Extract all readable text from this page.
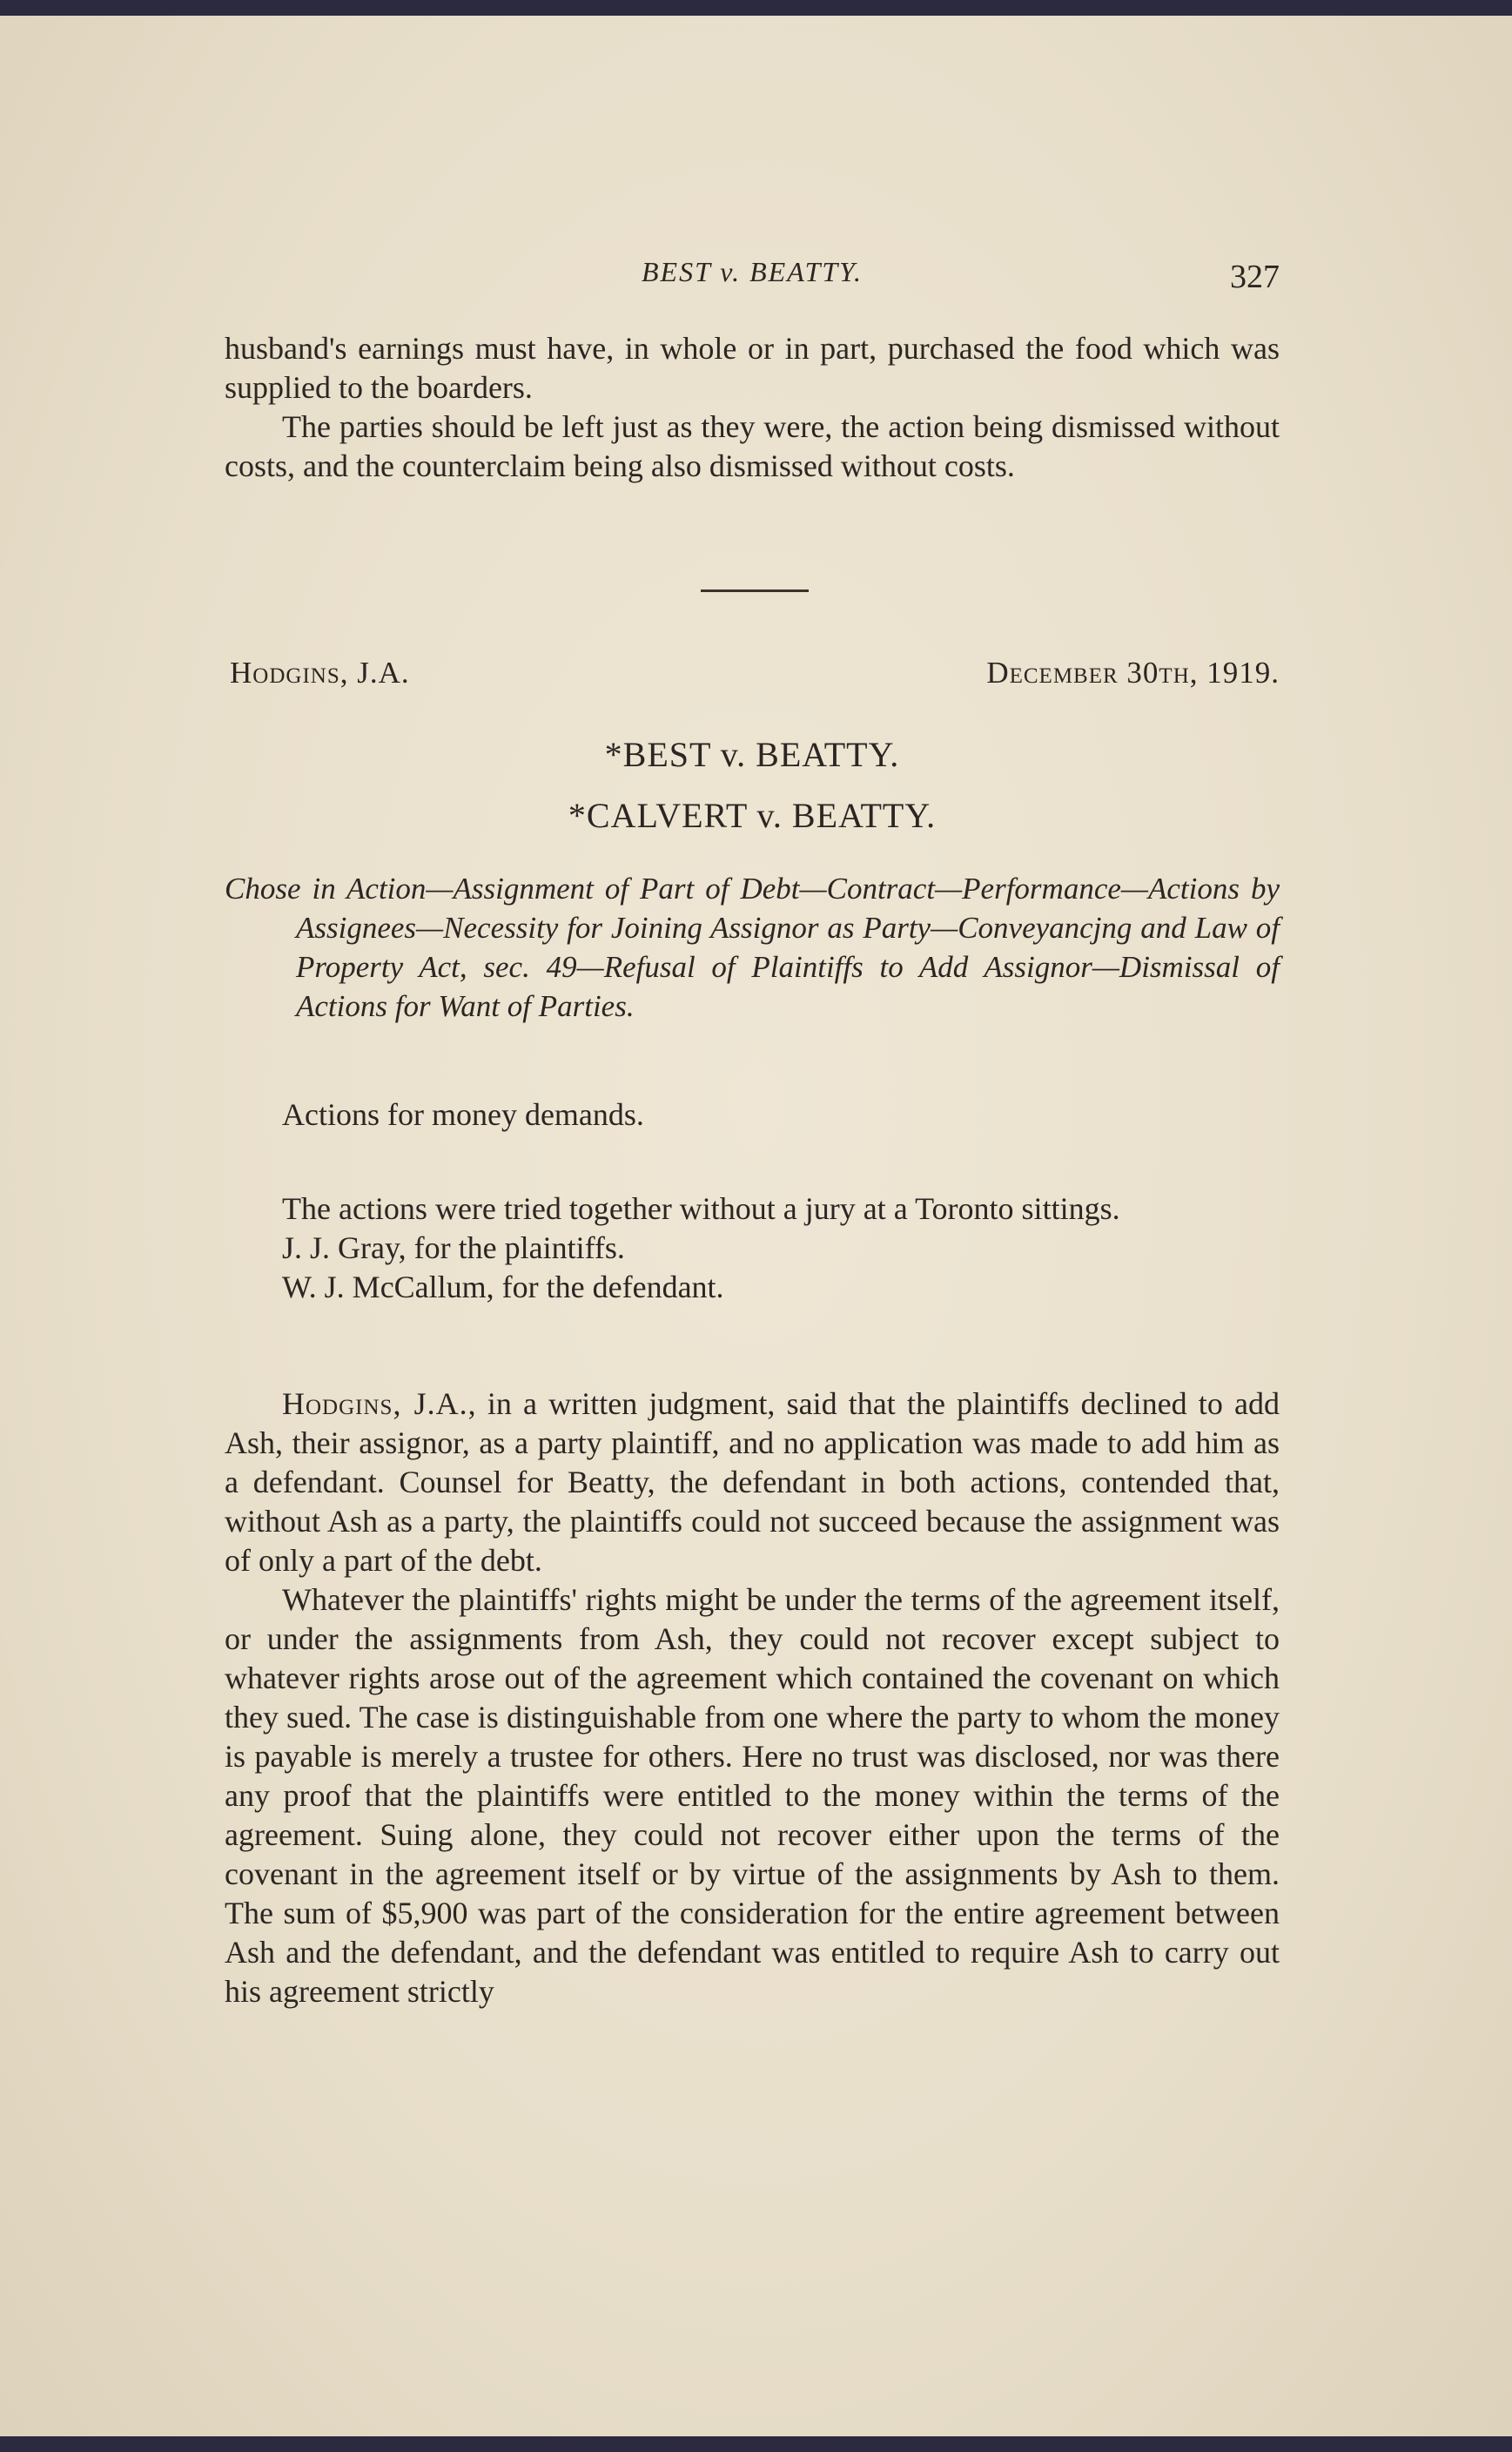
BEST v. BEATTY.	327

husband's earnings must have, in whole or in part, purchased the food which was supplied to the boarders.

The parties should be left just as they were, the action being dismissed without costs, and the counterclaim being also dismissed without costs.

Hodgins, J.A.	December 30th, 1919.
*BEST v. BEATTY.
*CALVERT v. BEATTY.
Chose in Action—Assignment of Part of Debt—Contract—Performance—Actions by Assignees—Necessity for Joining Assignor as Party—Conveyancjng and Law of Property Act, sec. 49—Refusal of Plaintiffs to Add Assignor—Dismissal of Actions for Want of Parties.

Actions for money demands.

The actions were tried together without a jury at a Toronto sittings.

J. J. Gray, for the plaintiffs.

W. J. McCallum, for the defendant.

Hodgins, J.A., in a written judgment, said that the plaintiffs declined to add Ash, their assignor, as a party plaintiff, and no application was made to add him as a defendant. Counsel for Beatty, the defendant in both actions, contended that, without Ash as a party, the plaintiffs could not succeed because the assignment was of only a part of the debt.

Whatever the plaintiffs' rights might be under the terms of the agreement itself, or under the assignments from Ash, they could not recover except subject to whatever rights arose out of the agreement which contained the covenant on which they sued. The case is distinguishable from one where the party to whom the money is payable is merely a trustee for others. Here no trust was disclosed, nor was there any proof that the plaintiffs were entitled to the money within the terms of the agreement. Suing alone, they could not recover either upon the terms of the covenant in the agreement itself or by virtue of the assignments by Ash to them. The sum of $5,900 was part of the consideration for the entire agreement between Ash and the defendant, and the defendant was entitled to require Ash to carry out his agreement strictly
